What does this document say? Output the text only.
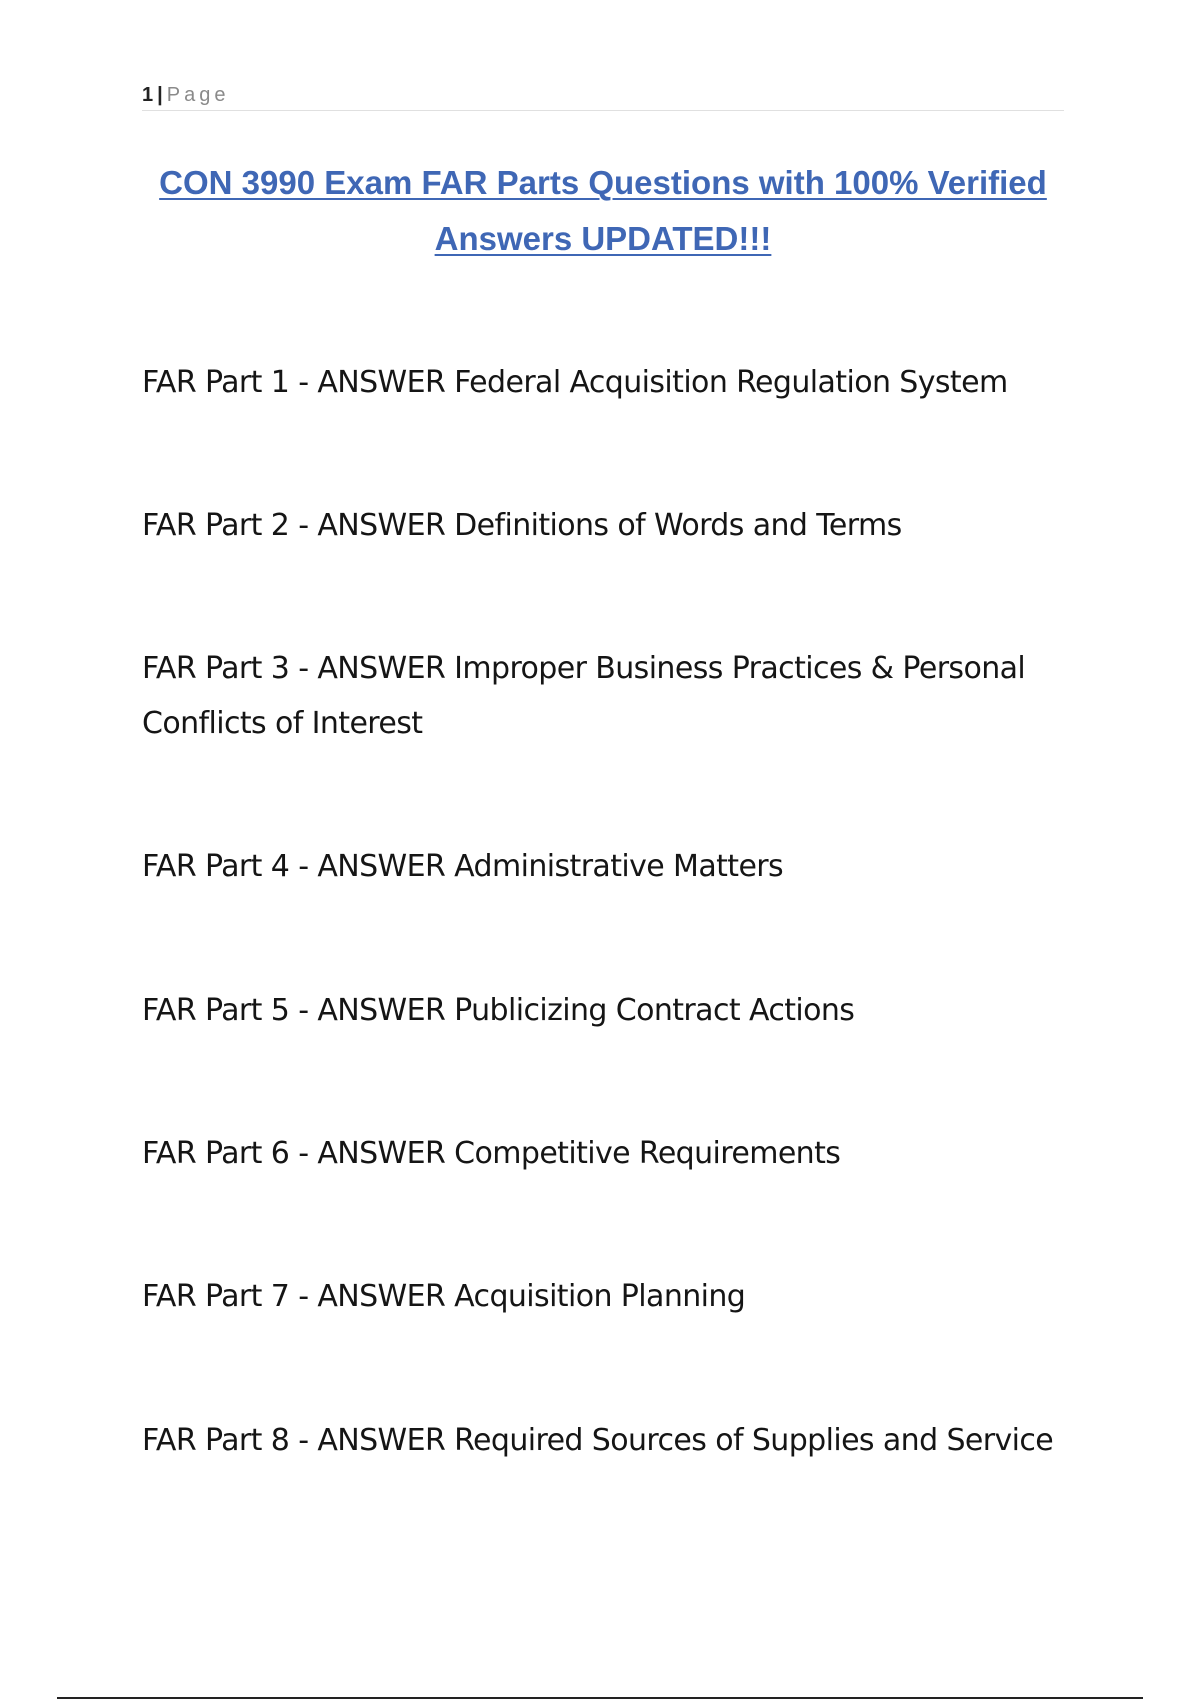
1 | Page
CON 3990 Exam FAR Parts Questions with 100% Verified Answers UPDATED!!!
FAR Part 1 - ANSWER Federal Acquisition Regulation System
FAR Part 2 - ANSWER Definitions of Words and Terms
FAR Part 3 - ANSWER Improper Business Practices & Personal Conflicts of Interest
FAR Part 4 - ANSWER Administrative Matters
FAR Part 5 - ANSWER Publicizing Contract Actions
FAR Part 6 - ANSWER Competitive Requirements
FAR Part 7 - ANSWER Acquisition Planning
FAR Part 8 - ANSWER Required Sources of Supplies and Service
